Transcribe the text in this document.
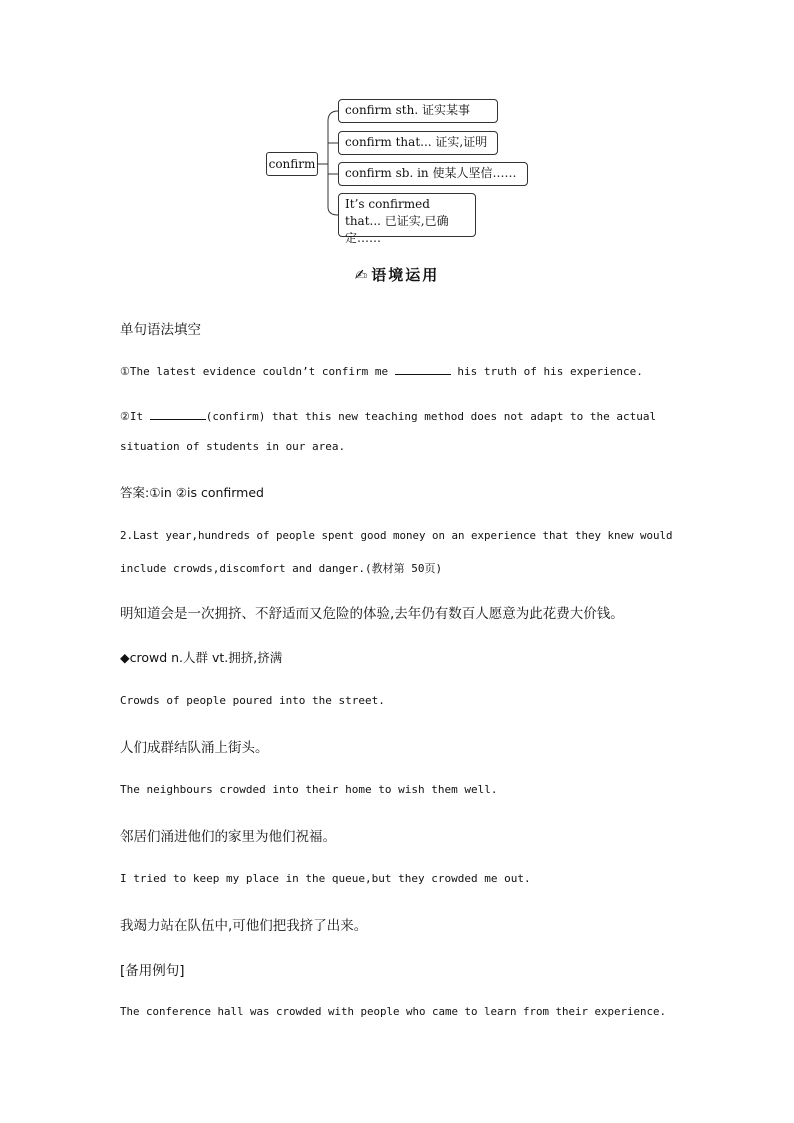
confirm
confirm sth. 证实某事
confirm that... 证实,证明
confirm sb. in 使某人坚信……
It’s confirmed that... 已证实,已确定……
✍ 语境运用
单句语法填空
①The latest evidence couldn’t confirm me	his truth of his experience.
②It	(confirm) that this new teaching method does not adapt to the actual
situation of students in our area.
答案:①in ②is confirmed
2.Last year,hundreds of people spent good money on an experience that they knew would
include crowds,discomfort and danger.(教材第 50页)
明知道会是一次拥挤、不舒适而又危险的体验,去年仍有数百人愿意为此花费大价钱。
◆crowd n.人群 vt.拥挤,挤满
Crowds of people poured into the street.
人们成群结队涌上街头。
The neighbours crowded into their home to wish them well.
邻居们涌进他们的家里为他们祝福。
I tried to keep my place in the queue,but they crowded me out.
我竭力站在队伍中,可他们把我挤了出来。
[备用例句]
The conference hall was crowded with people who came to learn from their experience.
